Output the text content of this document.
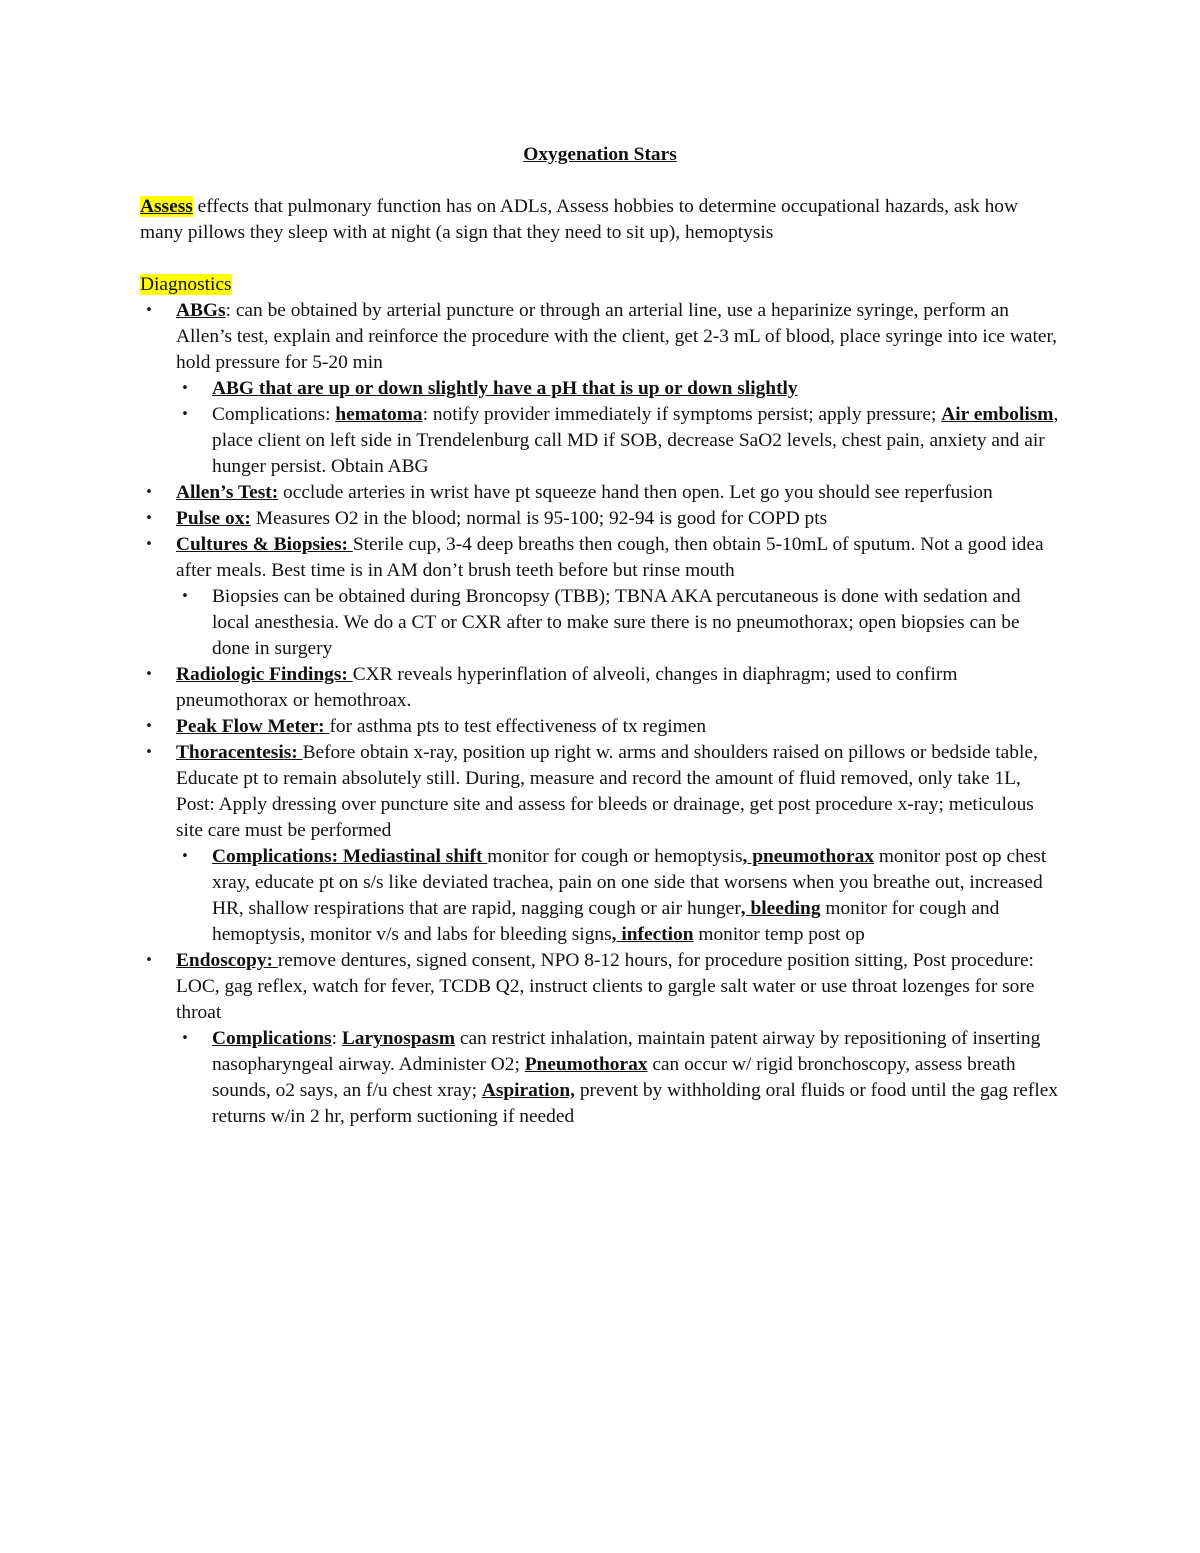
Oxygenation Stars

Assess effects that pulmonary function has on ADLs, Assess hobbies to determine occupational hazards, ask how many pillows they sleep with at night (a sign that they need to sit up), hemoptysis

Diagnostics
• ABGs: can be obtained by arterial puncture or through an arterial line, use a heparinize syringe, perform an Allen’s test, explain and reinforce the procedure with the client, get 2-3 mL of blood, place syringe into ice water, hold pressure for 5-20 min
• ABG that are up or down slightly have a pH that is up or down slightly
• Complications: hematoma: notify provider immediately if symptoms persist; apply pressure; Air embolism, place client on left side in Trendelenburg call MD if SOB, decrease SaO2 levels, chest pain, anxiety and air hunger persist. Obtain ABG
• Allen’s Test: occlude arteries in wrist have pt squeeze hand then open. Let go you should see reperfusion
• Pulse ox: Measures O2 in the blood; normal is 95-100; 92-94 is good for COPD pts
• Cultures & Biopsies: Sterile cup, 3-4 deep breaths then cough, then obtain 5-10mL of sputum. Not a good idea after meals. Best time is in AM don’t brush teeth before but rinse mouth
• Biopsies can be obtained during Broncopsy (TBB); TBNA AKA percutaneous is done with sedation and local anesthesia. We do a CT or CXR after to make sure there is no pneumothorax; open biopsies can be done in surgery
• Radiologic Findings: CXR reveals hyperinflation of alveoli, changes in diaphragm; used to confirm pneumothorax or hemothroax.
• Peak Flow Meter: for asthma pts to test effectiveness of tx regimen
• Thoracentesis: Before obtain x-ray, position up right w. arms and shoulders raised on pillows or bedside table, Educate pt to remain absolutely still. During, measure and record the amount of fluid removed, only take 1L, Post: Apply dressing over puncture site and assess for bleeds or drainage, get post procedure x-ray; meticulous site care must be performed
• Complications: Mediastinal shift monitor for cough or hemoptysis, pneumothorax monitor post op chest xray, educate pt on s/s like deviated trachea, pain on one side that worsens when you breathe out, increased HR, shallow respirations that are rapid, nagging cough or air hunger, bleeding monitor for cough and hemoptysis, monitor v/s and labs for bleeding signs, infection monitor temp post op
• Endoscopy: remove dentures, signed consent, NPO 8-12 hours, for procedure position sitting, Post procedure: LOC, gag reflex, watch for fever, TCDB Q2, instruct clients to gargle salt water or use throat lozenges for sore throat
• Complications: Larynospasm can restrict inhalation, maintain patent airway by repositioning of inserting nasopharyngeal airway. Administer O2; Pneumothorax can occur w/ rigid bronchoscopy, assess breath sounds, o2 says, an f/u chest xray; Aspiration, prevent by withholding oral fluids or food until the gag reflex returns w/in 2 hr, perform suctioning if needed
